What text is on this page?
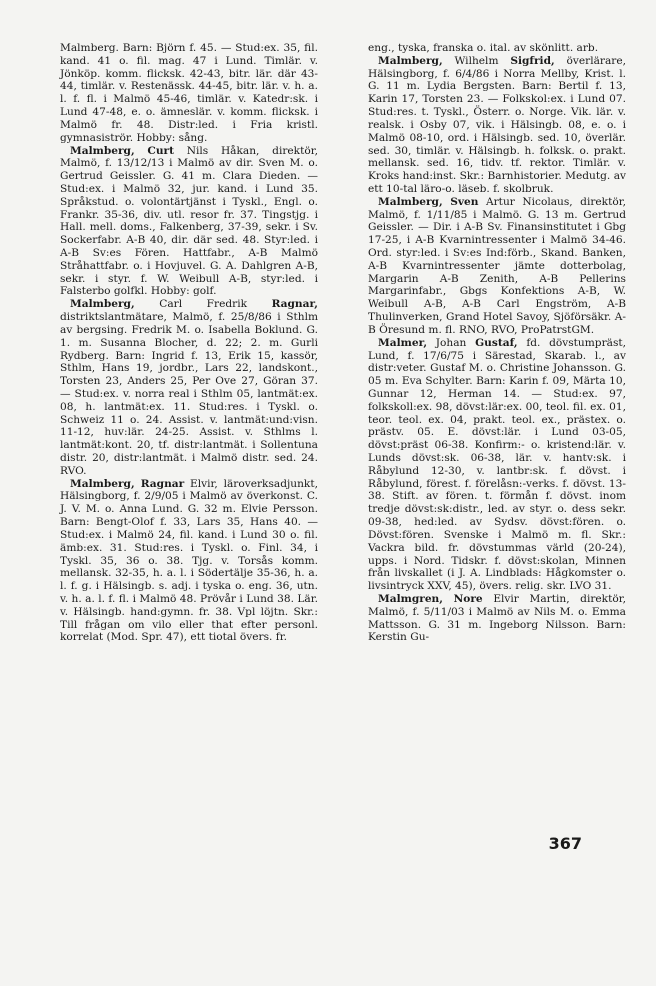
Malmberg. Barn: Björn f. 45. — Stud:ex. 35, fil. kand. 41 o. fil. mag. 47 i Lund. Timlär. v. Jönköp. komm. flicksk. 42-43, bitr. lär. där 43-44, timlär. v. Restenässk. 44-45, bitr. lär. v. h. a. l. f. fl. i Malmö 45-46, timlär. v. Katedr:sk. i Lund 47-48, e. o. ämneslär. v. komm. flicksk. i Malmö fr. 48. Distr:led. i Fria kristl. gymnasiströr. Hobby: sång.

Malmberg, Curt Nils Håkan, direktör, Malmö, f. 13/12/13 i Malmö av dir. Sven M. o. Gertrud Geissler. G. 41 m. Clara Dieden. — Stud:ex. i Malmö 32, jur. kand. i Lund 35. Språkstud. o. volontärtjänst i Tyskl., Engl. o. Frankr. 35-36, div. utl. resor fr. 37. Tingstjg. i Hall. mell. doms., Falkenberg, 37-39, sekr. i Sv. Sockerfabr. A-B 40, dir. där sed. 48. Styr:led. i A-B Sv:es Fören. Hattfabr., A-B Malmö Stråhattfabr. o. i Hovjuvel. G. A. Dahlgren A-B, sekr. i styr. f. W. Weibull A-B, styr:led. i Falsterbo golfkl. Hobby: golf.

Malmberg, Carl Fredrik Ragnar, distriktslantmätare, Malmö, f. 25/8/86 i Sthlm av bergsing. Fredrik M. o. Isabella Boklund. G. 1. m. Susanna Blocher, d. 22; 2. m. Gurli Rydberg. Barn: Ingrid f. 13, Erik 15, kassör, Sthlm, Hans 19, jordbr., Lars 22, landskont., Torsten 23, Anders 25, Per Ove 27, Göran 37. — Stud:ex. v. norra real i Sthlm 05, lantmät:ex. 08, h. lantmät:ex. 11. Stud:res. i Tyskl. o. Schweiz 11 o. 24. Assist. v. lantmät:und:visn. 11-12, huv:lär. 24-25. Assist. v. Sthlms l. lantmät:kont. 20, tf. distr:lantmät. i Sollentuna distr. 20, distr:lantmät. i Malmö distr. sed. 24. RVO.

Malmberg, Ragnar Elvir, läroverksadjunkt, Hälsingborg, f. 2/9/05 i Malmö av överkonst. C. J. V. M. o. Anna Lund. G. 32 m. Elvie Persson. Barn: Bengt-Olof f. 33, Lars 35, Hans 40. — Stud:ex. i Malmö 24, fil. kand. i Lund 30 o. fil. ämb:ex. 31. Stud:res. i Tyskl. o. Finl. 34, i Tyskl. 35, 36 o. 38. Tjg. v. Torsås komm. mellansk. 32-35, h. a. l. i Södertälje 35-36, h. a. l. f. g. i Hälsingb. s. adj. i tyska o. eng. 36, utn. v. h. a. l. f. fl. i Malmö 48. Prövår i Lund 38. Lär. v. Hälsingb. hand:gymn. fr. 38. Vpl löjtn. Skr.: Till frågan om vilo eller that efter personl. korrelat (Mod. Spr. 47), ett tiotal övers. fr.

eng., tyska, franska o. ital. av skönlitt. arb.

Malmberg, Wilhelm Sigfrid, överlärare, Hälsingborg, f. 6/4/86 i Norra Mellby, Krist. l. G. 11 m. Lydia Bergsten. Barn: Bertil f. 13, Karin 17, Torsten 23. — Folkskol:ex. i Lund 07. Stud:res. t. Tyskl., Österr. o. Norge. Vik. lär. v. realsk. i Osby 07, vik. i Hälsingb. 08, e. o. i Malmö 08-10, ord. i Hälsingb. sed. 10, överlär. sed. 30, timlär. v. Hälsingb. h. folksk. o. prakt. mellansk. sed. 16, tidv. tf. rektor. Timlär. v. Kroks hand:inst. Skr.: Barnhistorier. Medutg. av ett 10-tal läro-o. läseb. f. skolbruk.

Malmberg, Sven Artur Nicolaus, direktör, Malmö, f. 1/11/85 i Malmö. G. 13 m. Gertrud Geissler. — Dir. i A-B Sv. Finansinstitutet i Gbg 17-25, i A-B Kvarnintressenter i Malmö 34-46. Ord. styr:led. i Sv:es Ind:förb., Skand. Banken, A-B Kvarnintressenter jämte dotterbolag, Margarin A-B Zenith, A-B Pellerins Margarinfabr., Gbgs Konfektions A-B, W. Weibull A-B, A-B Carl Engström, A-B Thulinverken, Grand Hotel Savoy, Sjöförsäkr. A-B Öresund m. fl. RNO, RVO, ProPatrstGM.

Malmer, Johan Gustaf, fd. dövstumpräst, Lund, f. 17/6/75 i Särestad, Skarab. l., av distr:veter. Gustaf M. o. Christine Johansson. G. 05 m. Eva Schylter. Barn: Karin f. 09, Märta 10, Gunnar 12, Herman 14. — Stud:ex. 97, folkskoll:ex. 98, dövst:lär:ex. 00, teol. fil. ex. 01, teor. teol. ex. 04, prakt. teol. ex., prästex. o. prästv. 05. E. dövst:lär. i Lund 03-05, dövst:präst 06-38. Konfirm:- o. kristend:lär. v. Lunds dövst:sk. 06-38, lär. v. hantv:sk. i Råbylund 12-30, v. lantbr:sk. f. dövst. i Råbylund, förest. f. förelåsn:-verks. f. dövst. 13-38. Stift. av fören. t. förmån f. dövst. inom tredje dövst:sk:distr., led. av styr. o. dess sekr. 09-38, hed:led. av Sydsv. dövst:fören. o. Dövst:fören. Svenske i Malmö m. fl. Skr.: Vackra bild. fr. dövstummas värld (20-24), upps. i Nord. Tidskr. f. dövst:skolan, Minnen från livskallet (i J. A. Lindblads: Hågkomster o. livsintryck XXV, 45), övers. relig. skr. LVO 31.

Malmgren, Nore Elvir Martin, direktör, Malmö, f. 5/11/03 i Malmö av Nils M. o. Emma Mattsson. G. 31 m. Ingeborg Nilsson. Barn: Kerstin Gu-

367
